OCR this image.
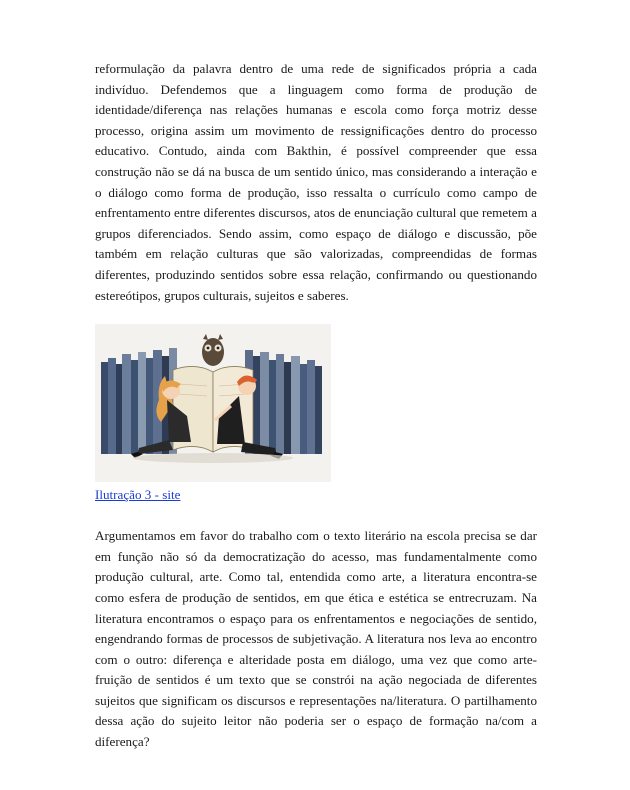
reformulação da palavra dentro de uma rede de significados própria a cada indivíduo. Defendemos que a linguagem como forma de produção de identidade/diferença nas relações humanas e escola como força motriz desse processo, origina assim um movimento de ressignificações dentro do processo educativo. Contudo, ainda com Bakthin, é possível compreender que essa construção não se dá na busca de um sentido único, mas considerando a interação e o diálogo como forma de produção, isso ressalta o currículo como campo de enfrentamento entre diferentes discursos, atos de enunciação cultural que remetem a grupos diferenciados. Sendo assim, como espaço de diálogo e discussão, põe também em relação culturas que são valorizadas, compreendidas de formas diferentes, produzindo sentidos sobre essa relação, confirmando ou questionando estereótipos, grupos culturais, sujeitos e saberes.

Ilutração 3 - site

Argumentamos em favor do trabalho com o texto literário na escola precisa se dar em função não só da democratização do acesso, mas fundamentalmente como produção cultural, arte. Como tal, entendida como arte, a literatura encontra-se como esfera de produção de sentidos, em que ética e estética se entrecruzam. Na literatura encontramos o espaço para os enfrentamentos e negociações de sentido, engendrando formas de processos de subjetivação. A literatura nos leva ao encontro com o outro: diferença e alteridade posta em diálogo, uma vez que como arte-fruição de sentidos é um texto que se constrói na ação negociada de diferentes sujeitos que significam os discursos e representações na/literatura. O partilhamento dessa ação do sujeito leitor não poderia ser o espaço de formação na/com a diferença?
